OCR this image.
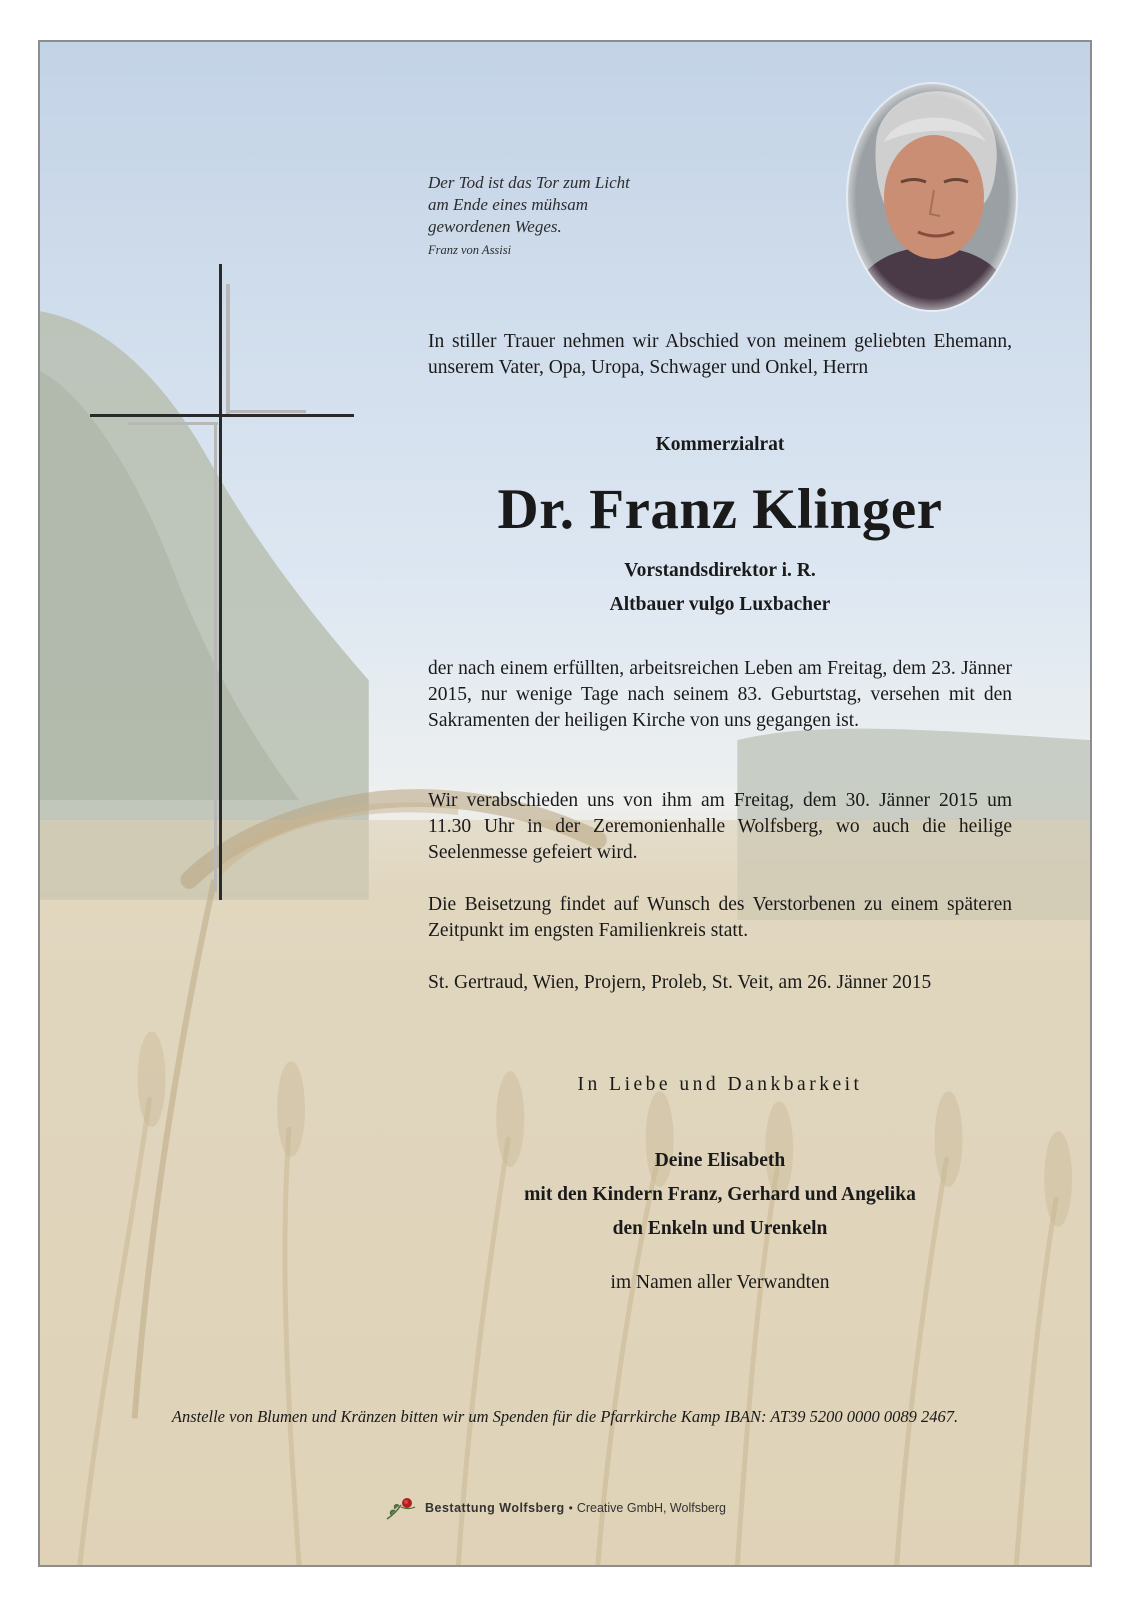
Der Tod ist das Tor zum Licht
am Ende eines mühsam
gewordenen Weges.
Franz von Assisi
In stiller Trauer nehmen wir Abschied von meinem geliebten Ehemann, unserem Vater, Opa, Uropa, Schwager und Onkel, Herrn
Kommerzialrat
Dr. Franz Klinger
Vorstandsdirektor i. R.
Altbauer vulgo Luxbacher
der nach einem erfüllten, arbeitsreichen Leben am Freitag, dem 23. Jänner 2015, nur wenige Tage nach seinem 83. Geburtstag, versehen mit den Sakramenten der heiligen Kirche von uns gegangen ist.
Wir verabschieden uns von ihm am Freitag, dem 30. Jänner 2015 um 11.30 Uhr in der Zeremonienhalle Wolfsberg, wo auch die heilige Seelenmesse gefeiert wird.
Die Beisetzung findet auf Wunsch des Verstorbenen zu einem späteren Zeitpunkt im engsten Familienkreis statt.
St. Gertraud, Wien, Projern, Proleb, St. Veit, am 26. Jänner 2015
In Liebe und Dankbarkeit
Deine Elisabeth
mit den Kindern Franz, Gerhard und Angelika
den Enkeln und Urenkeln
im Namen aller Verwandten
Anstelle von Blumen und Kränzen bitten wir um Spenden für die Pfarrkirche Kamp IBAN: AT39 5200 0000 0089 2467.
Bestattung Wolfsberg • Creative GmbH, Wolfsberg
